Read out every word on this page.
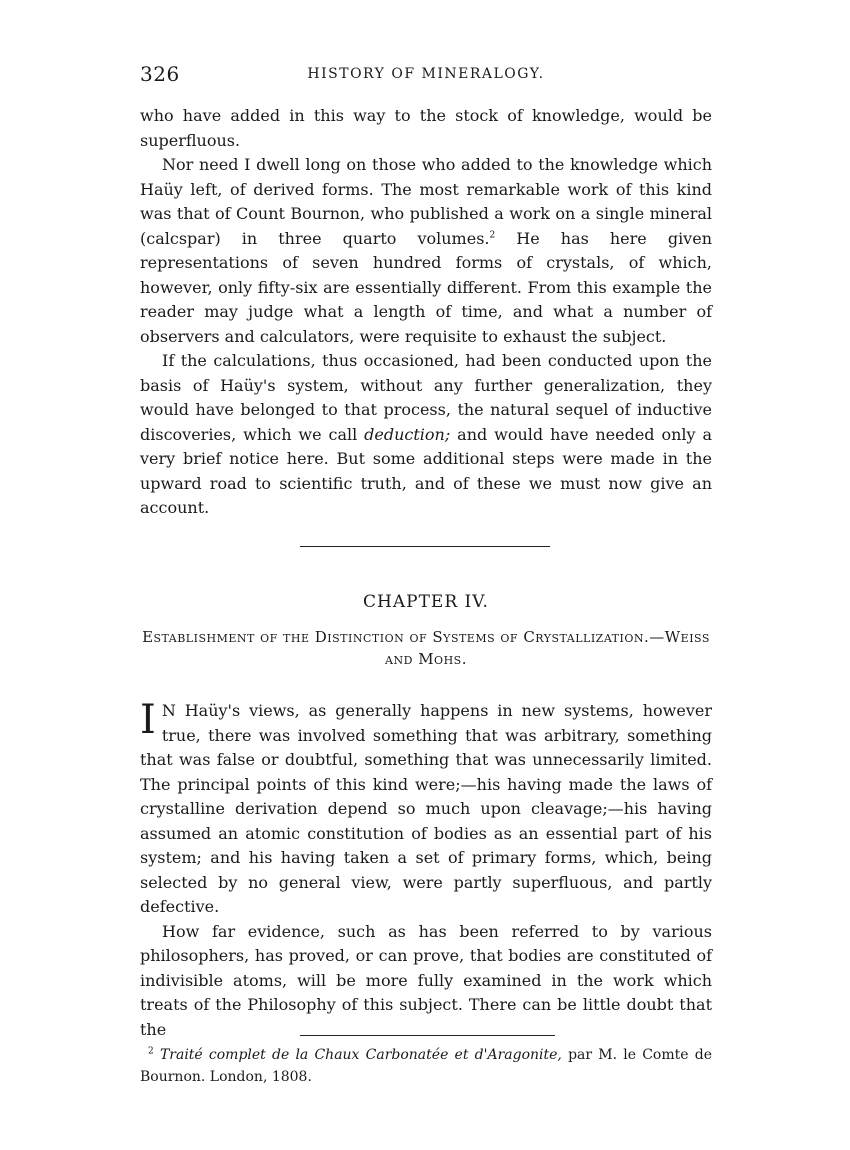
326	HISTORY OF MINERALOGY.

who have added in this way to the stock of knowledge, would be superfluous.

Nor need I dwell long on those who added to the knowledge which Haüy left, of derived forms. The most remarkable work of this kind was that of Count Bournon, who published a work on a single mineral (calcspar) in three quarto volumes.$^2$ He has here given representations of seven hundred forms of crystals, of which, however, only fifty-six are essentially different. From this example the reader may judge what a length of time, and what a number of observers and calculators, were requisite to exhaust the subject.

If the calculations, thus occasioned, had been conducted upon the basis of Haüy's system, without any further generalization, they would have belonged to that process, the natural sequel of inductive discoveries, which we call deduction; and would have needed only a very brief notice here. But some additional steps were made in the upward road to scientific truth, and of these we must now give an account.

CHAPTER IV.
Establishment of the Distinction of Systems of Crystallization.—Weiss and Mohs.

I N Haüy's views, as generally happens in new systems, however true, there was involved something that was arbitrary, something that was false or doubtful, something that was unnecessarily limited. The principal points of this kind were;—his having made the laws of crystalline derivation depend so much upon cleavage;—his having assumed an atomic constitution of bodies as an essential part of his system; and his having taken a set of primary forms, which, being selected by no general view, were partly superfluous, and partly defective.

How far evidence, such as has been referred to by various philosophers, has proved, or can prove, that bodies are constituted of indivisible atoms, will be more fully examined in the work which treats of the Philosophy of this subject. There can be little doubt that the

$^2$ Traité complet de la Chaux Carbonatée et d'Aragonite, par M. le Comte de Bournon. London, 1808.
